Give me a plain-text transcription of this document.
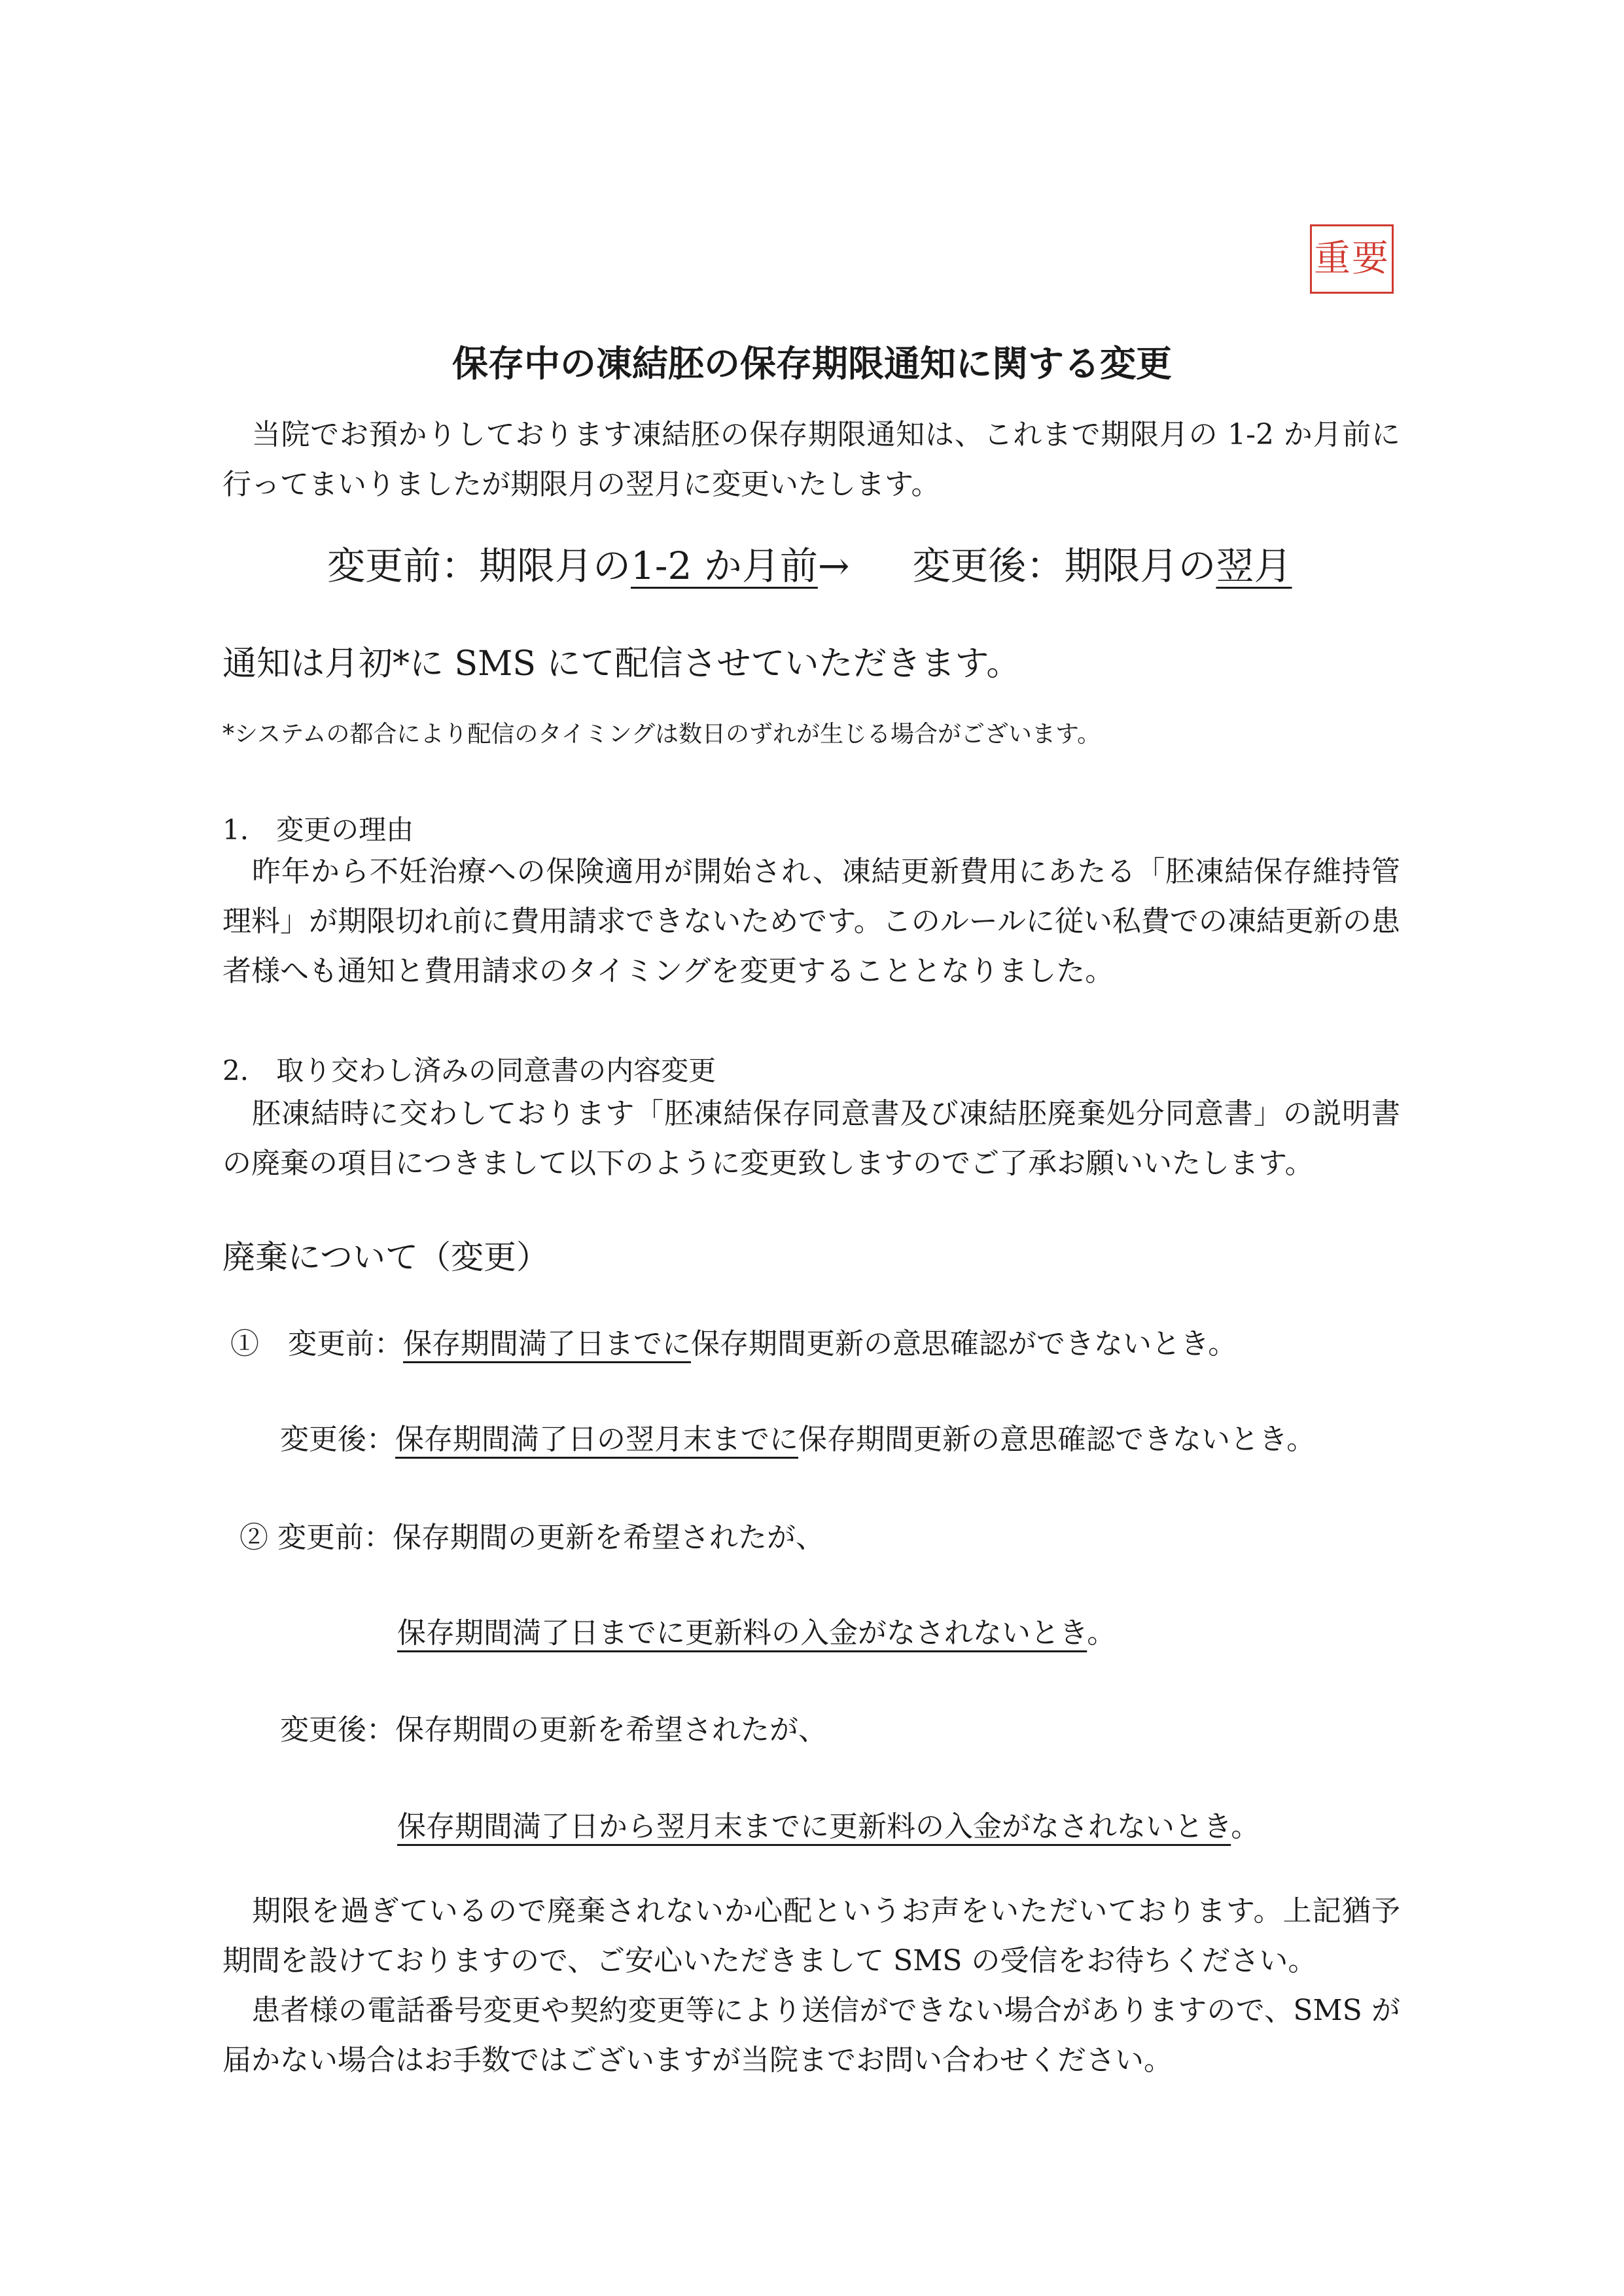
重要
保存中の凍結胚の保存期限通知に関する変更
　当院でお預かりしております凍結胚の保存期限通知は、これまで期限月の 1-2 か月前に行ってまいりましたが期限月の翌月に変更いたします。
変更前：期限月の1-2 か月前→ 変更後：期限月の翌月
通知は月初*に SMS にて配信させていただきます。
*システムの都合により配信のタイミングは数日のずれが生じる場合がございます。
1.　変更の理由
　昨年から不妊治療への保険適用が開始され、凍結更新費用にあたる「胚凍結保存維持管理料」が期限切れ前に費用請求できないためです。このルールに従い私費での凍結更新の患者様へも通知と費用請求のタイミングを変更することとなりました。
2.　取り交わし済みの同意書の内容変更
　胚凍結時に交わしております「胚凍結保存同意書及び凍結胚廃棄処分同意書」の説明書の廃棄の項目につきまして以下のように変更致しますのでご了承お願いいたします。
廃棄について（変更）
①　 変更前：保存期間満了日までに保存期間更新の意思確認ができないとき。
変更後：保存期間満了日の翌月末までに保存期間更新の意思確認できないとき。
② 変更前：保存期間の更新を希望されたが、
保存期間満了日までに更新料の入金がなされないとき。
変更後：保存期間の更新を希望されたが、
保存期間満了日から翌月末までに更新料の入金がなされないとき。
　期限を過ぎているので廃棄されないか心配というお声をいただいております。上記猶予期間を設けておりますので、ご安心いただきまして SMS の受信をお待ちください。
　患者様の電話番号変更や契約変更等により送信ができない場合がありますので、SMS が届かない場合はお手数ではございますが当院までお問い合わせください。
